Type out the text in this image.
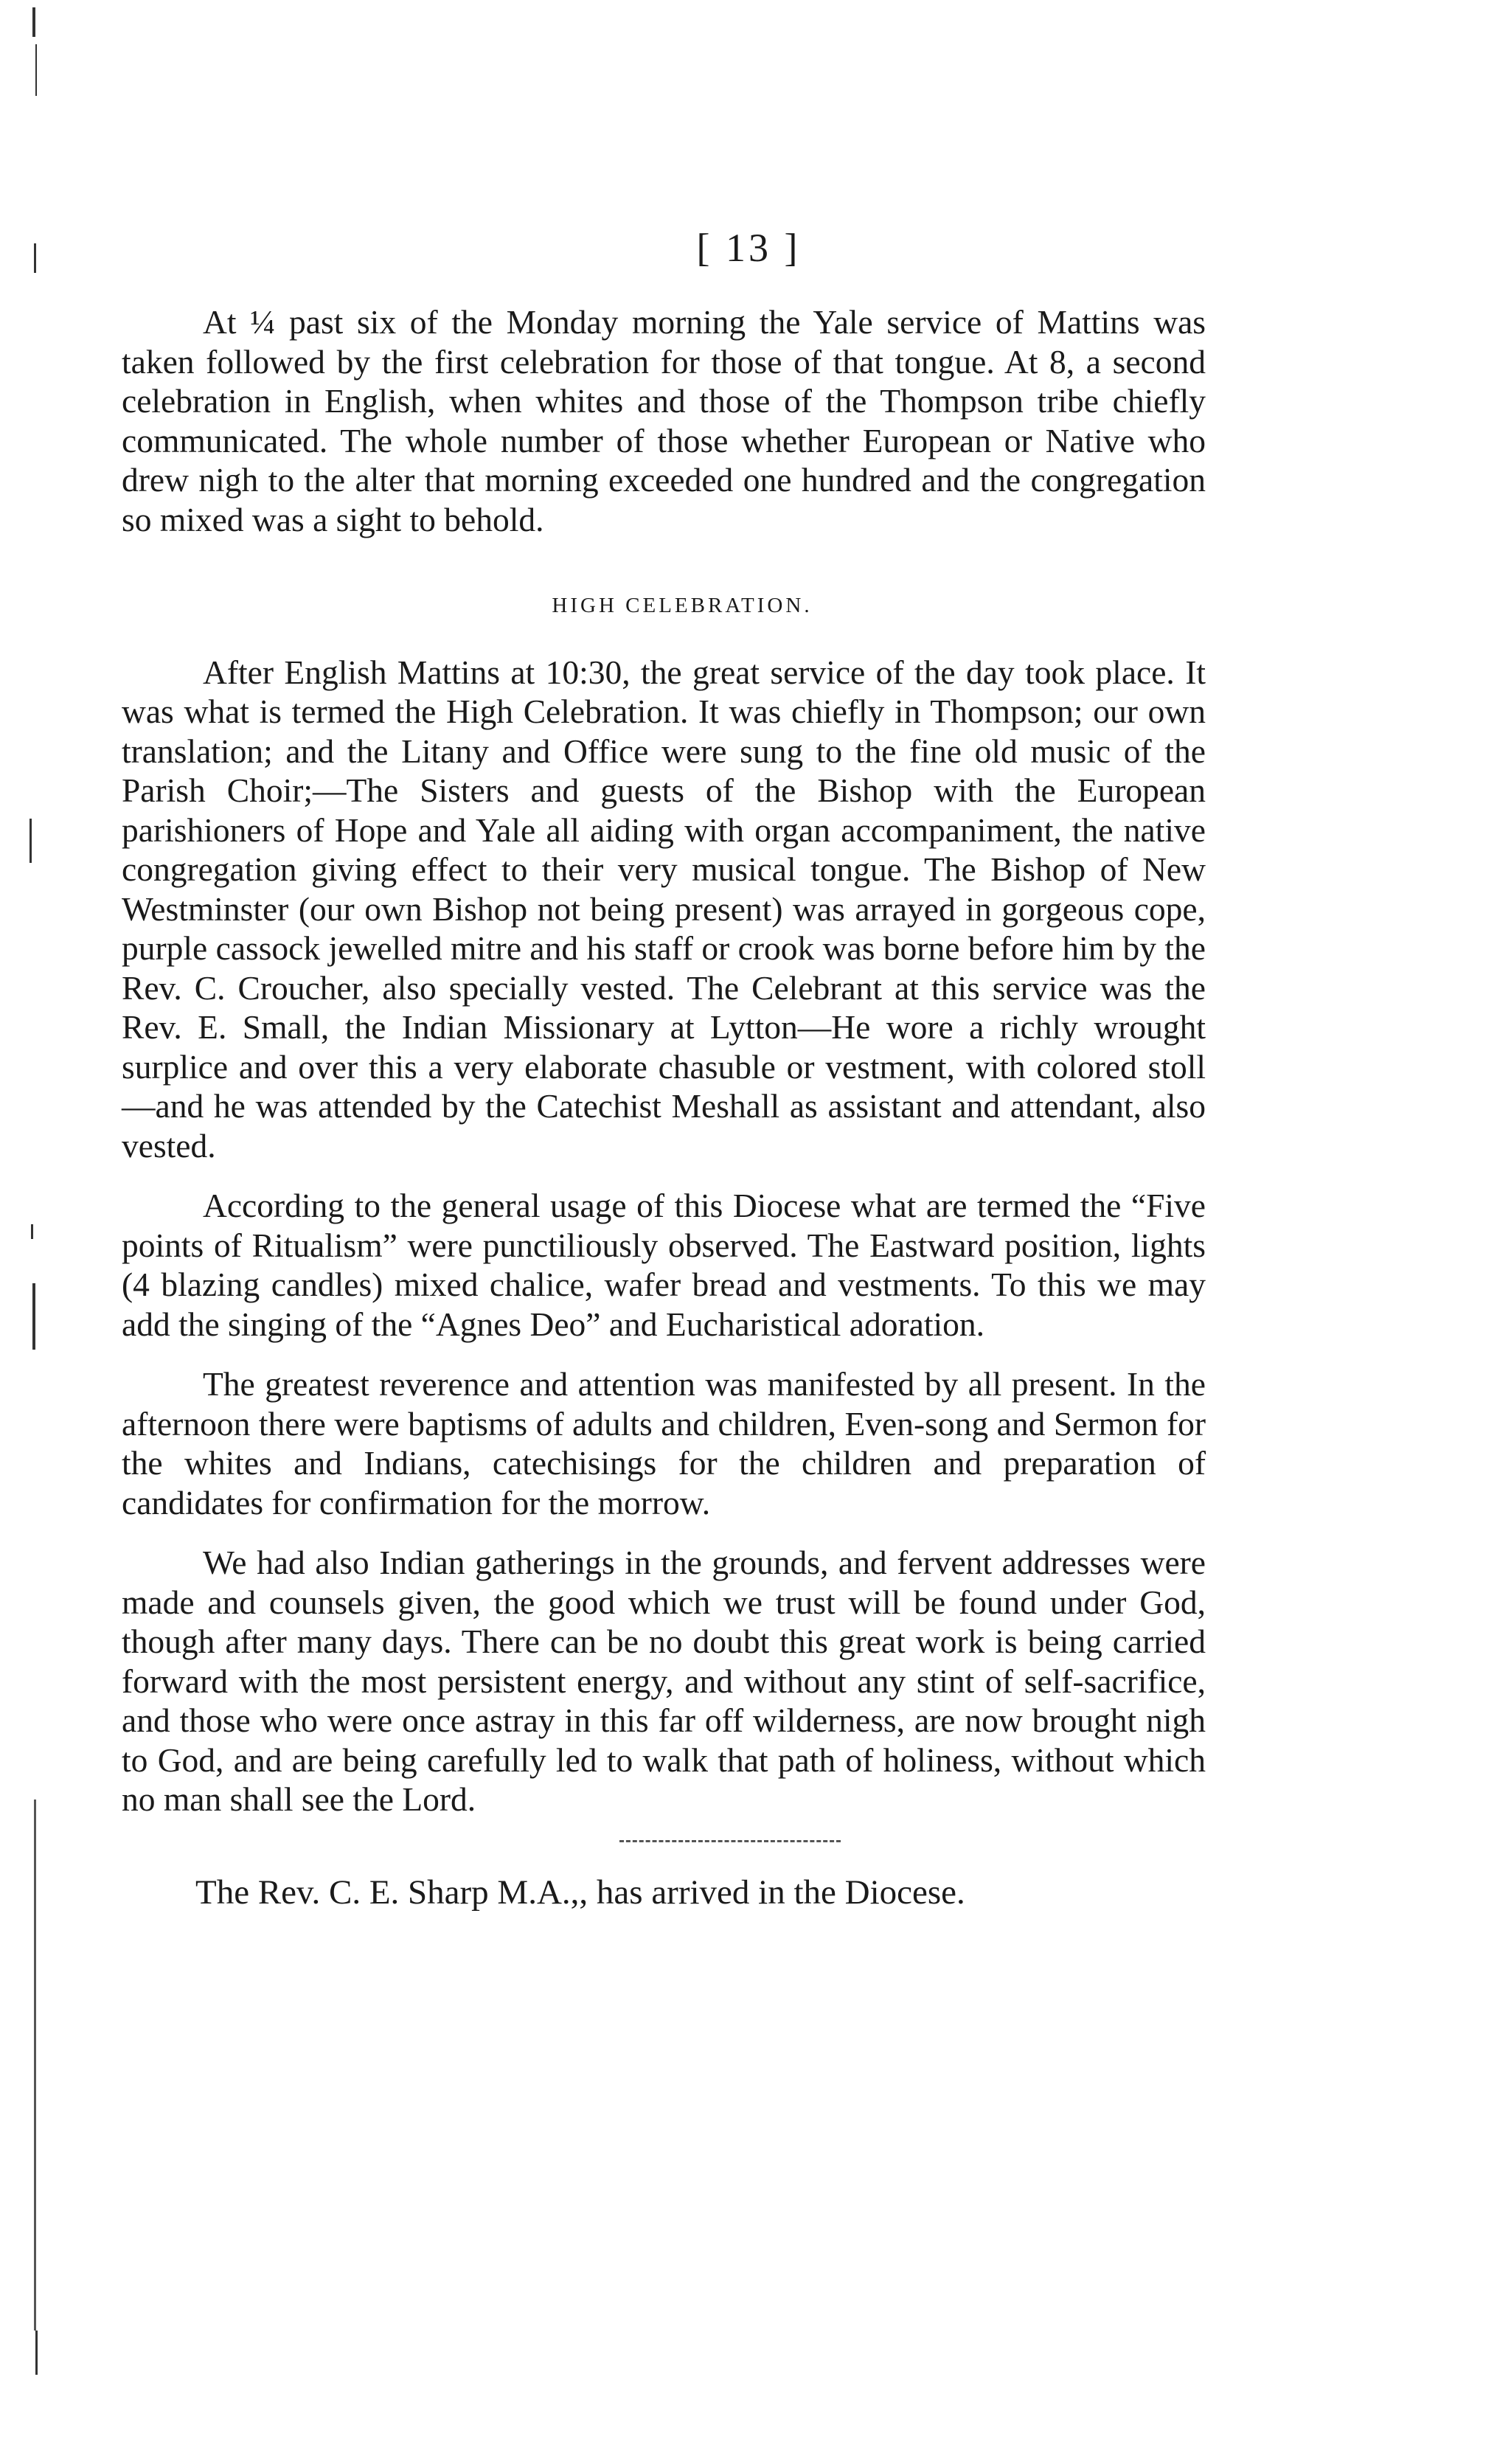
[ 13 ]

At ¼ past six of the Monday morning the Yale service of Mattins was taken followed by the first celebration for those of that tongue. At 8, a second celebration in English, when whites and those of the Thompson tribe chiefly communicated. The whole number of those whether European or Native who drew nigh to the alter that morning exceeded one hundred and the congregation so mixed was a sight to behold.

HIGH CELEBRATION.

After English Mattins at 10:30, the great service of the day took place. It was what is termed the High Celebration. It was chiefly in Thompson; our own translation; and the Litany and Office were sung to the fine old music of the Parish Choir;—The Sisters and guests of the Bishop with the European parishioners of Hope and Yale all aiding with organ accompaniment, the native congregation giving effect to their very musical tongue. The Bishop of New Westminster (our own Bishop not being present) was arrayed in gorgeous cope, purple cassock jewelled mitre and his staff or crook was borne before him by the Rev. C. Croucher, also specially vested. The Celebrant at this service was the Rev. E. Small, the Indian Missionary at Lytton—He wore a richly wrought surplice and over this a very elaborate chasuble or vestment, with colored stoll —and he was attended by the Catechist Meshall as assistant and attendant, also vested.

According to the general usage of this Diocese what are termed the “Five points of Ritualism” were punctiliously observed. The Eastward position, lights (4 blazing candles) mixed chalice, wafer bread and vestments. To this we may add the singing of the “Agnes Deo” and Eucharistical adoration.

The greatest reverence and attention was manifested by all present. In the afternoon there were baptisms of adults and children, Even-song and Sermon for the whites and Indians, catechisings for the children and preparation of candidates for confirmation for the morrow.

We had also Indian gatherings in the grounds, and fervent addresses were made and counsels given, the good which we trust will be found under God, though after many days. There can be no doubt this great work is being carried forward with the most persistent energy, and without any stint of self-sacrifice, and those who were once astray in this far off wilderness, are now brought nigh to God, and are being carefully led to walk that path of holiness, without which no man shall see the Lord.

The Rev. C. E. Sharp M.A.,, has arrived in the Diocese.
